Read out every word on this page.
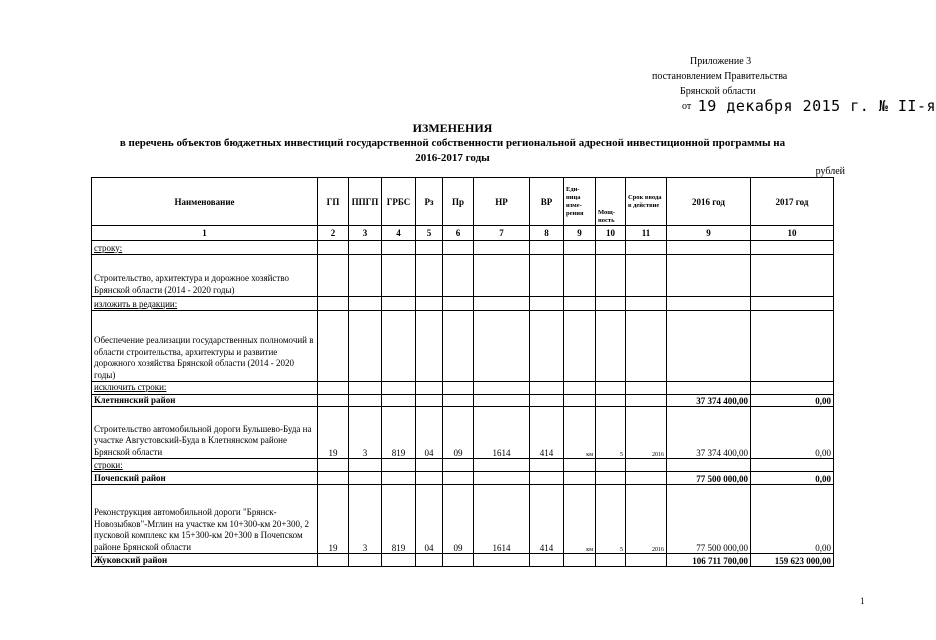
Приложение 3
постановлением Правительства
Брянской области
от 19 декабря 2015 г. № II-я
ИЗМЕНЕНИЯ
в перечень объектов бюджетных инвестиций государственной собственности региональной адресной инвестиционной программы на
2016-2017 годы
рублей
Наименование	ГП	ППГП	ГРБС	Рз	Пр	НР	ВР	Еди-ница изме-рения	Мощ-ность	Срок ввода в действие	2016 год	2017 год
1	2	3	4	5	6	7	8	9	10	11	9	10
строку:												
Строительство, архитектура и дорожное хозяйство Брянской области (2014 - 2020 годы)												
изложить в редакции:												
Обеспечение реализации государственных полномочий в области строительства, архитектуры и развитие дорожного хозяйства Брянской области (2014 - 2020 годы)												
исключить строки:												
Клетнянский район											37 374 400,00	0,00
Строительство автомобильной дороги Бульшево-Буда на участке Августовский-Буда в Клетнянском районе Брянской области	19	3	819	04	09	1614	414	км	5	2016	37 374 400,00	0,00
строки:												
Почепский район											77 500 000,00	0,00
Реконструкция автомобильной дороги "Брянск-Новозыбков"-Мглин на участке км 10+300-км 20+300, 2 пусковой комплекс км 15+300-км 20+300 в Почепском районе Брянской области	19	3	819	04	09	1614	414	км	5	2016	77 500 000,00	0,00
Жуковский район											106 711 700,00	159 623 000,00
1
